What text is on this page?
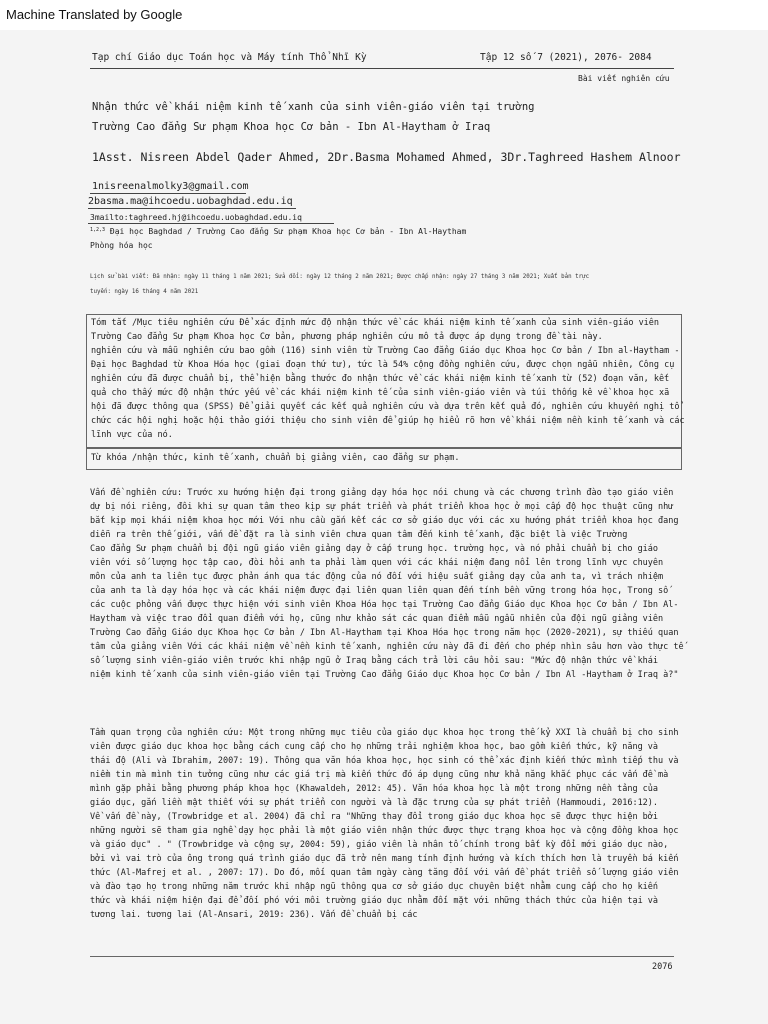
Machine Translated by Google
Tạp chí Giáo dục Toán học và Máy tính Thổ Nhĩ Kỳ	Tập 12 số 7 (2021), 2076- 2084
Bài viết nghiên cứu
Nhận thức về khái niệm kinh tế xanh của sinh viên-giáo viên tại trường
Trường Cao đẳng Sư phạm Khoa học Cơ bản - Ibn Al-Haytham ở Iraq
1Asst. Nisreen Abdel Qader Ahmed, 2Dr.Basma Mohamed Ahmed, 3Dr.Taghreed Hashem Alnoor
1nisreenalmolky3@gmail.com
2basma.ma@ihcoedu.uobaghdad.edu.iq
3mailto:taghreed.hj@ihcoedu.uobaghdad.edu.iq
$^{1,2,3}$ Đại học Baghdad / Trường Cao đẳng Sư phạm Khoa học Cơ bản - Ibn Al-Haytham
Phòng hóa học
Lịch sử bài viết: Đã nhận: ngày 11 tháng 1 năm 2021; Sửa đổi: ngày 12 tháng 2 năm 2021; Được chấp nhận: ngày 27 tháng 3 năm 2021; Xuất bản trực
tuyến: ngày 16 tháng 4 năm 2021
Tóm tắt /Mục tiêu nghiên cứu Để xác định mức độ nhận thức về các khái niệm kinh tế xanh của sinh viên-giáo viên
Trường Cao đẳng Sư phạm Khoa học Cơ bản, phương pháp nghiên cứu mô tả được áp dụng trong đề tài này.
nghiên cứu và mẫu nghiên cứu bao gồm (116) sinh viên từ Trường Cao đẳng Giáo dục Khoa học Cơ bản / Ibn al-Haytham -
Đại học Baghdad từ Khoa Hóa học (giai đoạn thứ tư), tức là 54% cộng đồng nghiên cứu, được chọn ngẫu nhiên, Công cụ
nghiên cứu đã được chuẩn bị, thể hiện bằng thước đo nhận thức về các khái niệm kinh tế xanh từ (52) đoạn văn, kết
quả cho thấy mức độ nhận thức yếu về các khái niệm kinh tế của sinh viên-giáo viên và túi thống kê về khoa học xã
hội đã được thông qua (SPSS) Để giải quyết các kết quả nghiên cứu và dựa trên kết quả đó, nghiên cứu khuyến nghị tổ
chức các hội nghị hoặc hội thảo giới thiệu cho sinh viên để giúp họ hiểu rõ hơn về khái niệm nền kinh tế xanh và các
lĩnh vực của nó.
Từ khóa /nhận thức, kinh tế xanh, chuẩn bị giảng viên, cao đẳng sư phạm.
Vấn đề nghiên cứu: Trước xu hướng hiện đại trong giảng dạy hóa học nói chung và các chương trình đào tạo giáo viên
dự bị nói riêng, đôi khi sự quan tâm theo kịp sự phát triển và phát triển khoa học ở mọi cấp độ học thuật cũng như
bắt kịp mọi khái niệm khoa học mới Với nhu cầu gắn kết các cơ sở giáo dục với các xu hướng phát triển khoa học đang
diễn ra trên thế giới, vấn đề đặt ra là sinh viên chưa quan tâm đến kinh tế xanh, đặc biệt là việc Trường
Cao đẳng Sư phạm chuẩn bị đội ngũ giáo viên giảng dạy ở cấp trung học. trường học, và nó phải chuẩn bị cho giáo
viên với số lượng học tập cao, đòi hỏi anh ta phải làm quen với các khái niệm đang nổi lên trong lĩnh vực chuyên
môn của anh ta liên tục được phản ánh qua tác động của nó đối với hiệu suất giảng dạy của anh ta, vì trách nhiệm
của anh ta là dạy hóa học và các khái niệm được đại liên quan liên quan đến tính bền vững trong hóa học, Trong số
các cuộc phỏng vấn được thực hiện với sinh viên Khoa Hóa học tại Trường Cao đẳng Giáo dục Khoa học Cơ bản / Ibn Al-
Haytham và việc trao đổi quan điểm với họ, cũng như khảo sát các quan điểm mẫu ngẫu nhiên của đội ngũ giảng viên
Trường Cao đẳng Giáo dục Khoa học Cơ bản / Ibn Al-Haytham tại Khoa Hóa học trong năm học (2020-2021), sự thiếu quan
tâm của giảng viên Với các khái niệm về nền kinh tế xanh, nghiên cứu này đã đi đến cho phép nhìn sâu hơn vào thực tế
số lượng sinh viên-giáo viên trước khi nhập ngũ ở Iraq bằng cách trả lời câu hỏi sau: "Mức độ nhận thức về khái
niệm kinh tế xanh của sinh viên-giáo viên tại Trường Cao đẳng Giáo dục Khoa học Cơ bản / Ibn Al -Haytham ở Iraq à?"
Tầm quan trọng của nghiên cứu: Một trong những mục tiêu của giáo dục khoa học trong thế kỷ XXI là chuẩn bị cho sinh
viên được giáo dục khoa học bằng cách cung cấp cho họ những trải nghiệm khoa học, bao gồm kiến thức, kỹ năng và
thái độ (Ali và Ibrahim, 2007: 19). Thông qua văn hóa khoa học, học sinh có thể xác định kiến thức mình tiếp thu và
niềm tin mà mình tin tưởng cũng như các giá trị mà kiến thức đó áp dụng cũng như khả năng khắc phục các vấn đề mà
mình gặp phải bằng phương pháp khoa học (Khawaldeh, 2012: 45). Văn hóa khoa học là một trong những nền tảng của
giáo dục, gắn liền mật thiết với sự phát triển con người và là đặc trưng của sự phát triển (Hammoudi, 2016:12).
Về vấn đề này, (Trowbridge et al. 2004) đã chỉ ra "Những thay đổi trong giáo dục khoa học sẽ được thực hiện bởi
những người sẽ tham gia nghề dạy học phải là một giáo viên nhận thức được thực trạng khoa học và cộng đồng khoa học
và giáo dục" . " (Trowbridge và cộng sự, 2004: 59), giáo viên là nhân tố chính trong bất kỳ đổi mới giáo dục nào,
bởi vì vai trò của ông trong quá trình giáo dục đã trở nên mang tính định hướng và kích thích hơn là truyền bá kiến
thức (Al-Mafrej et al. , 2007: 17). Do đó, mối quan tâm ngày càng tăng đối với vấn đề phát triển số lượng giáo viên
và đào tạo họ trong những năm trước khi nhập ngũ thông qua cơ sở giáo dục chuyên biệt nhằm cung cấp cho họ kiến
thức và khái niệm hiện đại để đối phó với môi trường giáo dục nhằm đối mặt với những thách thức của hiện tại và
tương lai. tương lai (Al-Ansari, 2019: 236). Vấn đề chuẩn bị các
2076
